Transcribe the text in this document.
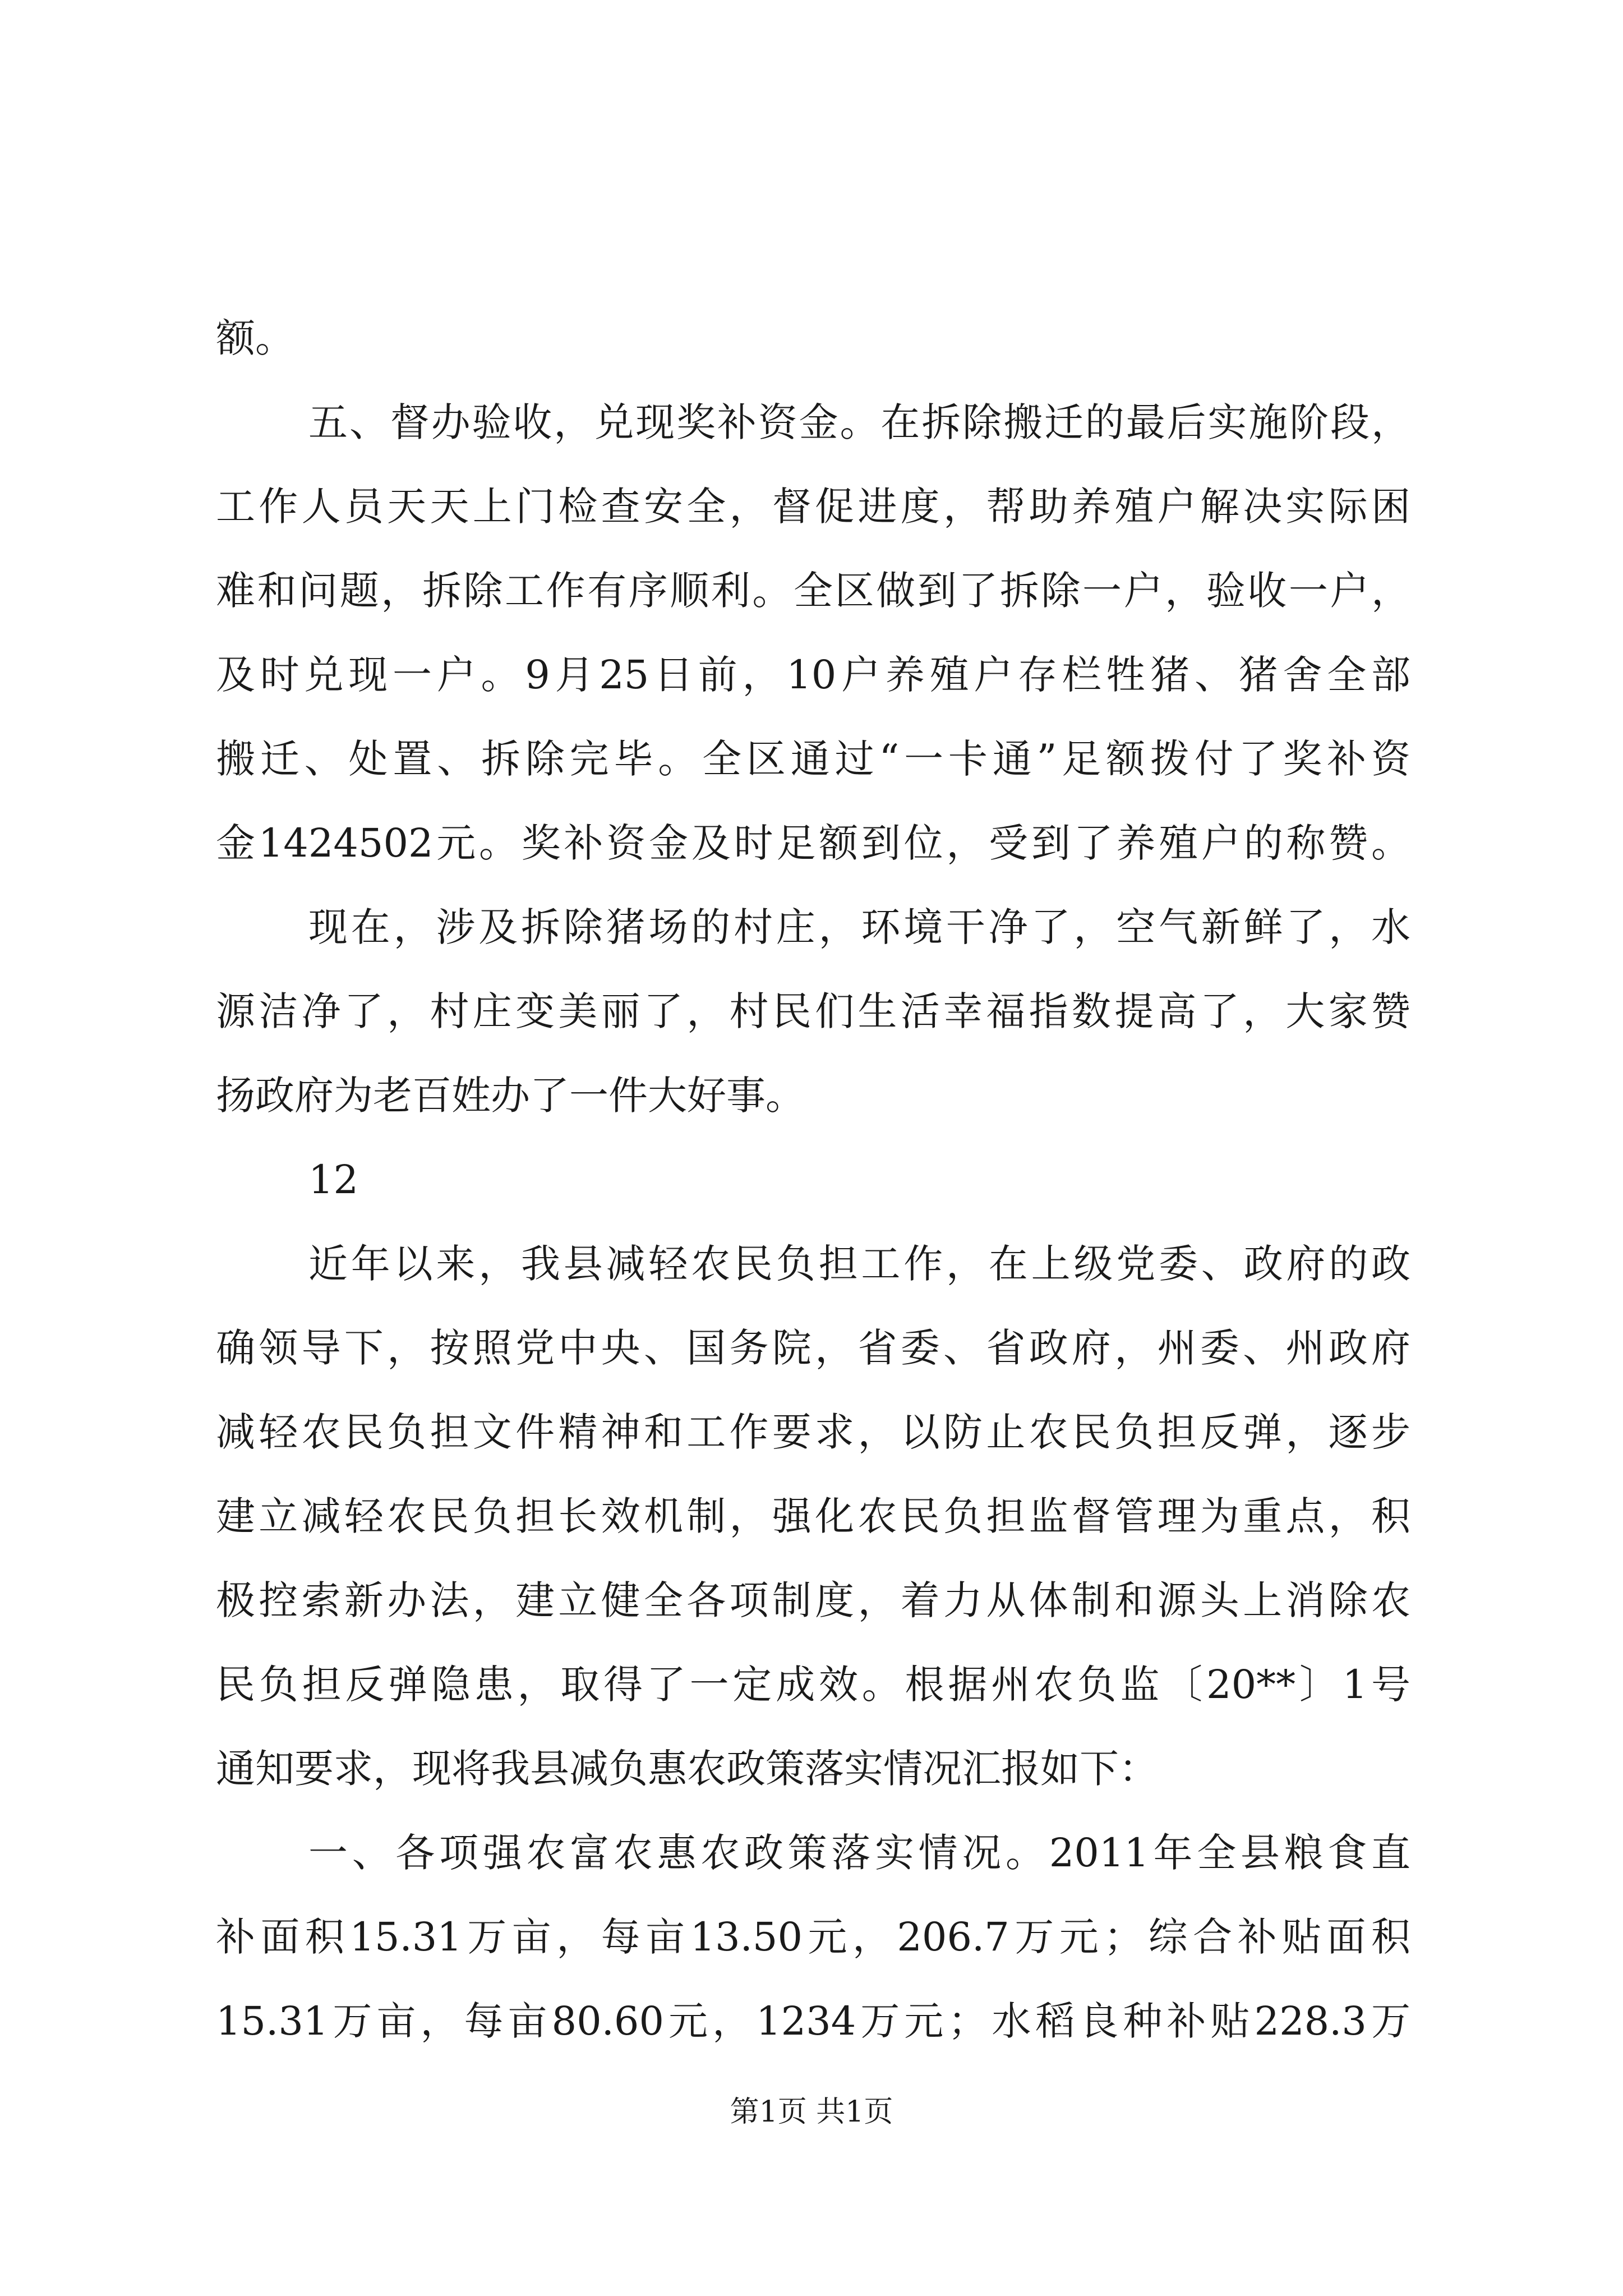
额。
五、督办验收，兑现奖补资金。在拆除搬迁的最后实施阶段，
工作人员天天上门检查安全，督促进度，帮助养殖户解决实际困
难和问题，拆除工作有序顺利。全区做到了拆除一户，验收一户，
及时兑现一户。9月25日前，10户养殖户存栏牲猪、猪舍全部
搬迁、处置、拆除完毕。全区通过“一卡通”足额拨付了奖补资
金1424502元。奖补资金及时足额到位，受到了养殖户的称赞。
现在，涉及拆除猪场的村庄，环境干净了，空气新鲜了，水
源洁净了，村庄变美丽了，村民们生活幸福指数提高了，大家赞
扬政府为老百姓办了一件大好事。
12
近年以来，我县减轻农民负担工作，在上级党委、政府的政
确领导下，按照党中央、国务院，省委、省政府，州委、州政府
减轻农民负担文件精神和工作要求，以防止农民负担反弹，逐步
建立减轻农民负担长效机制，强化农民负担监督管理为重点，积
极控索新办法，建立健全各项制度，着力从体制和源头上消除农
民负担反弹隐患，取得了一定成效。根据州农负监〔20**〕1号
通知要求，现将我县减负惠农政策落实情况汇报如下：
一、各项强农富农惠农政策落实情况。2011年全县粮食直
补面积15.31万亩，每亩13.50元，206.7万元；综合补贴面积
15.31万亩，每亩80.60元，1234万元；水稻良种补贴228.3万
第1页 共1页
